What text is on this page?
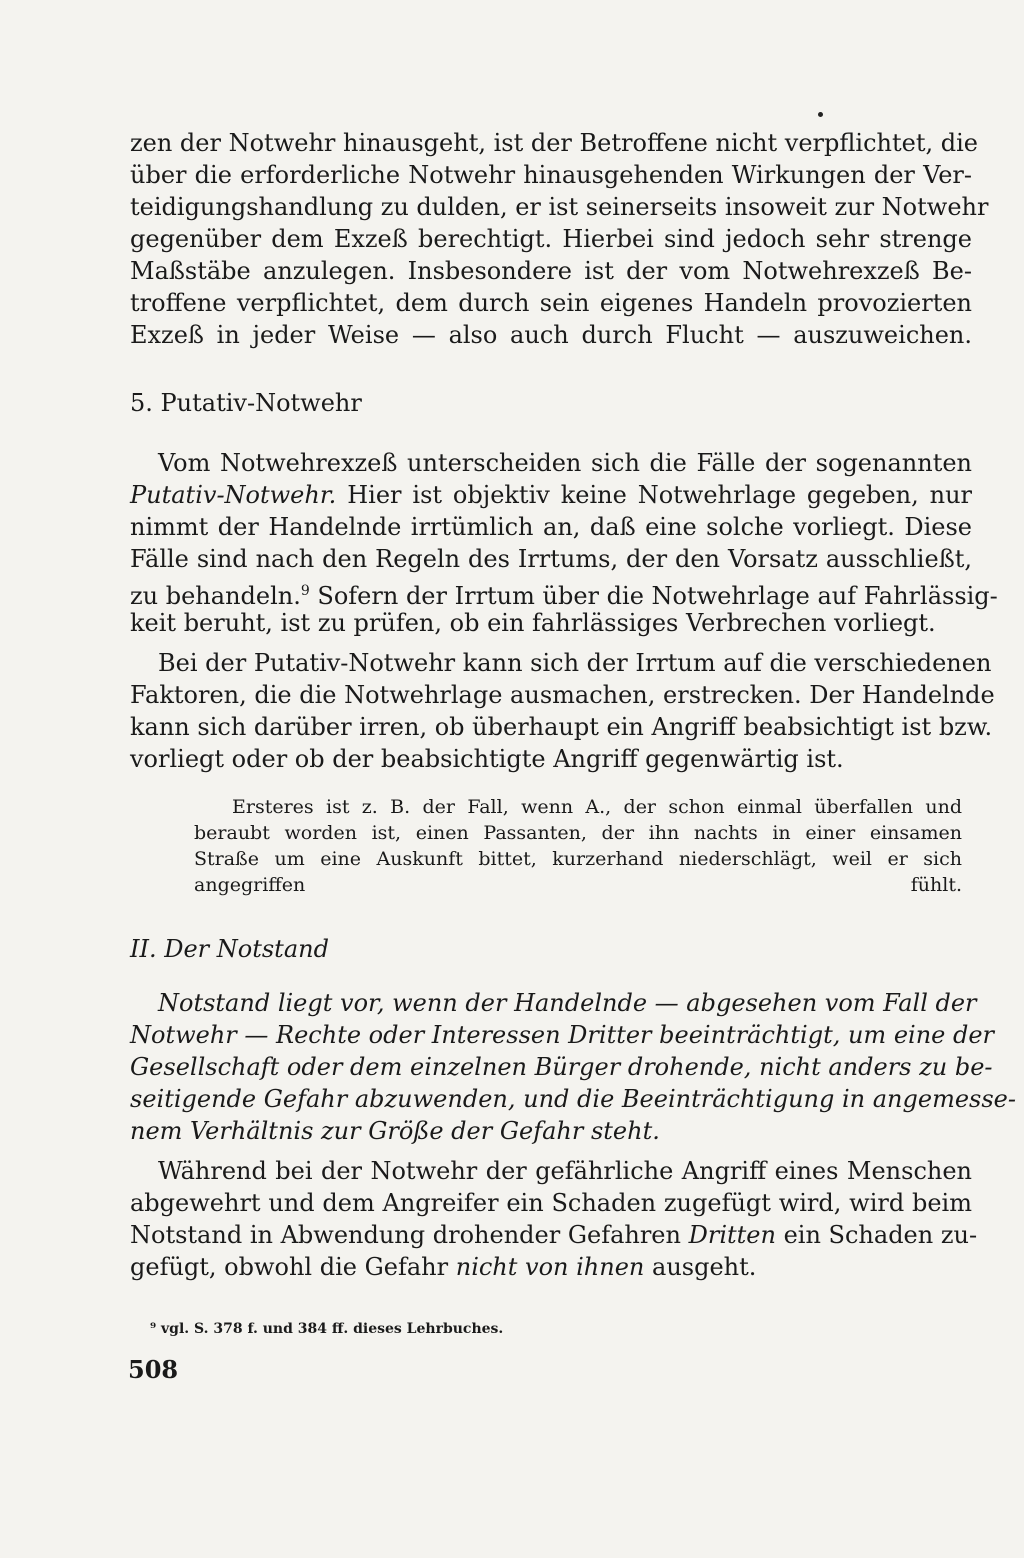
zen der Notwehr hinausgeht, ist der Betroffene nicht verpflichtet, die
über die erforderliche Notwehr hinausgehenden Wirkungen der Ver-
teidigungshandlung zu dulden, er ist seinerseits insoweit zur Notwehr
gegenüber dem Exzeß berechtigt. Hierbei sind jedoch sehr strenge
Maßstäbe anzulegen. Insbesondere ist der vom Notwehrexzeß Be-
troffene verpflichtet, dem durch sein eigenes Handeln provozierten
Exzeß in jeder Weise — also auch durch Flucht — auszuweichen.
5. Putativ-Notwehr
Vom Notwehrexzeß unterscheiden sich die Fälle der sogenannten
Putativ-Notwehr. Hier ist objektiv keine Notwehrlage gegeben, nur
nimmt der Handelnde irrtümlich an, daß eine solche vorliegt. Diese
Fälle sind nach den Regeln des Irrtums, der den Vorsatz ausschließt,
zu behandeln.$^9$ Sofern der Irrtum über die Notwehrlage auf Fahrlässig-
keit beruht, ist zu prüfen, ob ein fahrlässiges Verbrechen vorliegt.
Bei der Putativ-Notwehr kann sich der Irrtum auf die verschiedenen
Faktoren, die die Notwehrlage ausmachen, erstrecken. Der Handelnde
kann sich darüber irren, ob überhaupt ein Angriff beabsichtigt ist bzw.
vorliegt oder ob der beabsichtigte Angriff gegenwärtig ist.
Ersteres ist z. B. der Fall, wenn A., der schon einmal überfallen und
beraubt worden ist, einen Passanten, der ihn nachts in einer einsamen
Straße um eine Auskunft bittet, kurzerhand niederschlägt, weil er sich
angegriffen fühlt.
II. Der Notstand
Notstand liegt vor, wenn der Handelnde — abgesehen vom Fall der
Notwehr — Rechte oder Interessen Dritter beeinträchtigt, um eine der
Gesellschaft oder dem einzelnen Bürger drohende, nicht anders zu be-
seitigende Gefahr abzuwenden, und die Beeinträchtigung in angemesse-
nem Verhältnis zur Größe der Gefahr steht.
Während bei der Notwehr der gefährliche Angriff eines Menschen
abgewehrt und dem Angreifer ein Schaden zugefügt wird, wird beim
Notstand in Abwendung drohender Gefahren Dritten ein Schaden zu-
gefügt, obwohl die Gefahr nicht von ihnen ausgeht.
⁹ vgl. S. 378 f. und 384 ff. dieses Lehrbuches.
508
